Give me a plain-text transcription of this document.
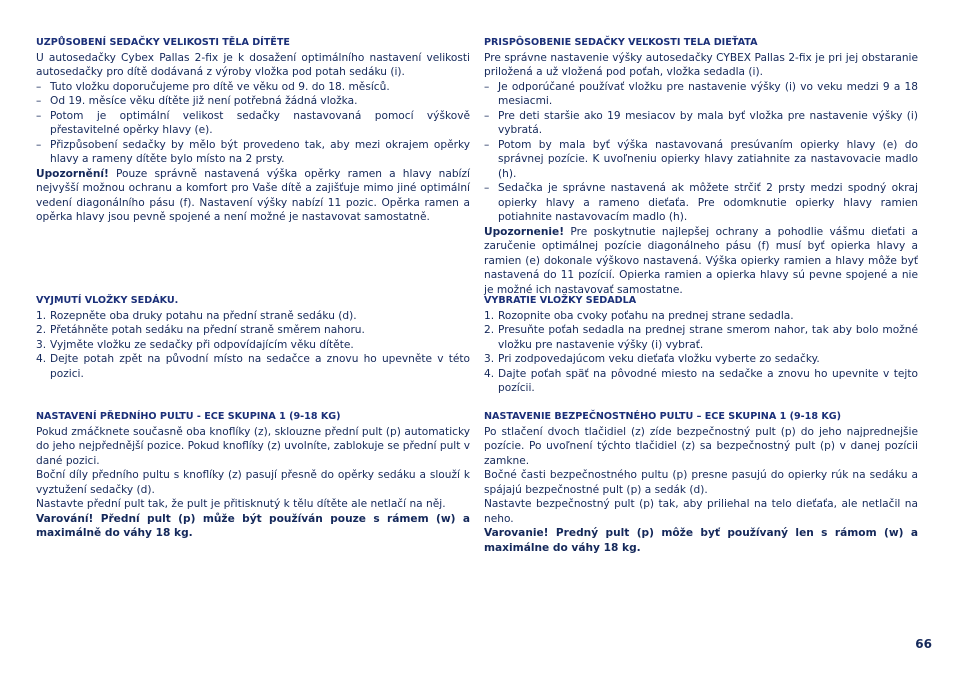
UZPŮSOBENÍ SEDAČKY VELIKOSTI TĚLA DÍTĚTE

U autosedačky Cybex Pallas 2-fix je k dosažení optimálního nastavení velikosti autosedačky pro dítě dodávaná z výroby vložka pod potah sedáku (i).

– Tuto vložku doporučujeme pro dítě ve věku od 9. do 18. měsíců.
– Od 19. měsíce věku dítěte již není potřebná žádná vložka.
– Potom je optimální velikost sedačky nastavovaná pomocí výškově přestavitelné opěrky hlavy (e).
– Přizpůsobení sedačky by mělo být provedeno tak, aby mezi okrajem opěrky hlavy a rameny dítěte bylo místo na 2 prsty.

Upozornění! Pouze správně nastavená výška opěrky ramen a hlavy nabízí nejvyšší možnou ochranu a komfort pro Vaše dítě a zajišťuje mimo jiné optimální vedení diagonálního pásu (f). Nastavení výšky nabízí 11 pozic. Opěrka ramen a opěrka hlavy jsou pevně spojené a není možné je nastavovat samostatně.

VYJMUTÍ VLOŽKY SEDÁKU.
1. Rozepněte oba druky potahu na přední straně sedáku (d).
2. Přetáhněte potah sedáku na přední straně směrem nahoru.
3. Vyjměte vložku ze sedačky při odpovídajícím věku dítěte.
4. Dejte potah zpět na původní místo na sedačce a znovu ho upevněte v této pozici.
NASTAVENÍ PŘEDNÍHO PULTU - ECE SKUPINA 1 (9-18 KG)

Pokud zmáčknete současně oba knoflíky (z), sklouzne přední pult (p) automaticky do jeho nejpřednější pozice. Pokud knoflíky (z) uvolníte, zablokuje se přední pult v dané pozici.

Boční díly předního pultu s knoflíky (z) pasují přesně do opěrky sedáku a slouží k vyztužení sedačky (d).

Nastavte přední pult tak, že pult je přitisknutý k tělu dítěte ale netlačí na něj.

Varování! Přední pult (p) může být používán pouze s rámem (w) a maximálně do váhy 18 kg.

PRISPÔSOBENIE SEDAČKY VEĽKOSTI TELA DIEŤATA

Pre správne nastavenie výšky autosedačky CYBEX Pallas 2-fix je pri jej obstaranie priložená a už vložená pod poťah, vložka sedadla (i).

– Je odporúčané používať vložku pre nastavenie výšky (i) vo veku medzi 9 a 18 mesiacmi.
– Pre deti staršie ako 19 mesiacov by mala byť vložka pre nastavenie výšky (i) vybratá.
– Potom by mala byť výška nastavovaná presúvaním opierky hlavy (e) do správnej pozície. K uvoľneniu opierky hlavy zatiahnite za nastavovacie madlo (h).
– Sedačka je správne nastavená ak môžete strčiť 2 prsty medzi spodný okraj opierky hlavy a rameno dieťaťa. Pre odomknutie opierky hlavy ramien potiahnite nastavovacím madlo (h).

Upozornenie! Pre poskytnutie najlepšej ochrany a pohodlie vášmu dieťati a zaručenie optimálnej pozície diagonálneho pásu (f) musí byť opierka hlavy a ramien (e) dokonale výškovo nastavená. Výška opierky ramien a hlavy môže byť nastavená do 11 pozícií. Opierka ramien a opierka hlavy sú pevne spojené a nie je možné ich nastavovať samostatne.

VYBRATIE VLOŽKY SEDADLA
1. Rozopnite oba cvoky poťahu na prednej strane sedadla.
2. Presuňte poťah sedadla na prednej strane smerom nahor, tak aby bolo možné vložku pre nastavenie výšky (i) vybrať.
3. Pri zodpovedajúcom veku dieťaťa vložku vyberte zo sedačky.
4. Dajte poťah späť na pôvodné miesto na sedačke a znovu ho upevnite v tejto pozícii.
NASTAVENIE BEZPEČNOSTNÉHO PULTU – ECE SKUPINA 1 (9-18 KG)

Po stlačení dvoch tlačidiel (z) zíde bezpečnostný pult (p) do jeho najprednejšie pozície. Po uvoľnení týchto tlačidiel (z) sa bezpečnostný pult (p) v danej pozícii zamkne.

Bočné časti bezpečnostného pultu (p) presne pasujú do opierky rúk na sedáku a spájajú bezpečnostné pult (p) a sedák (d).

Nastavte bezpečnostný pult (p) tak, aby priliehal na telo dieťaťa, ale netlačil na neho.

Varovanie! Predný pult (p) môže byť používaný len s rámom (w) a maximálne do váhy 18 kg.

66
